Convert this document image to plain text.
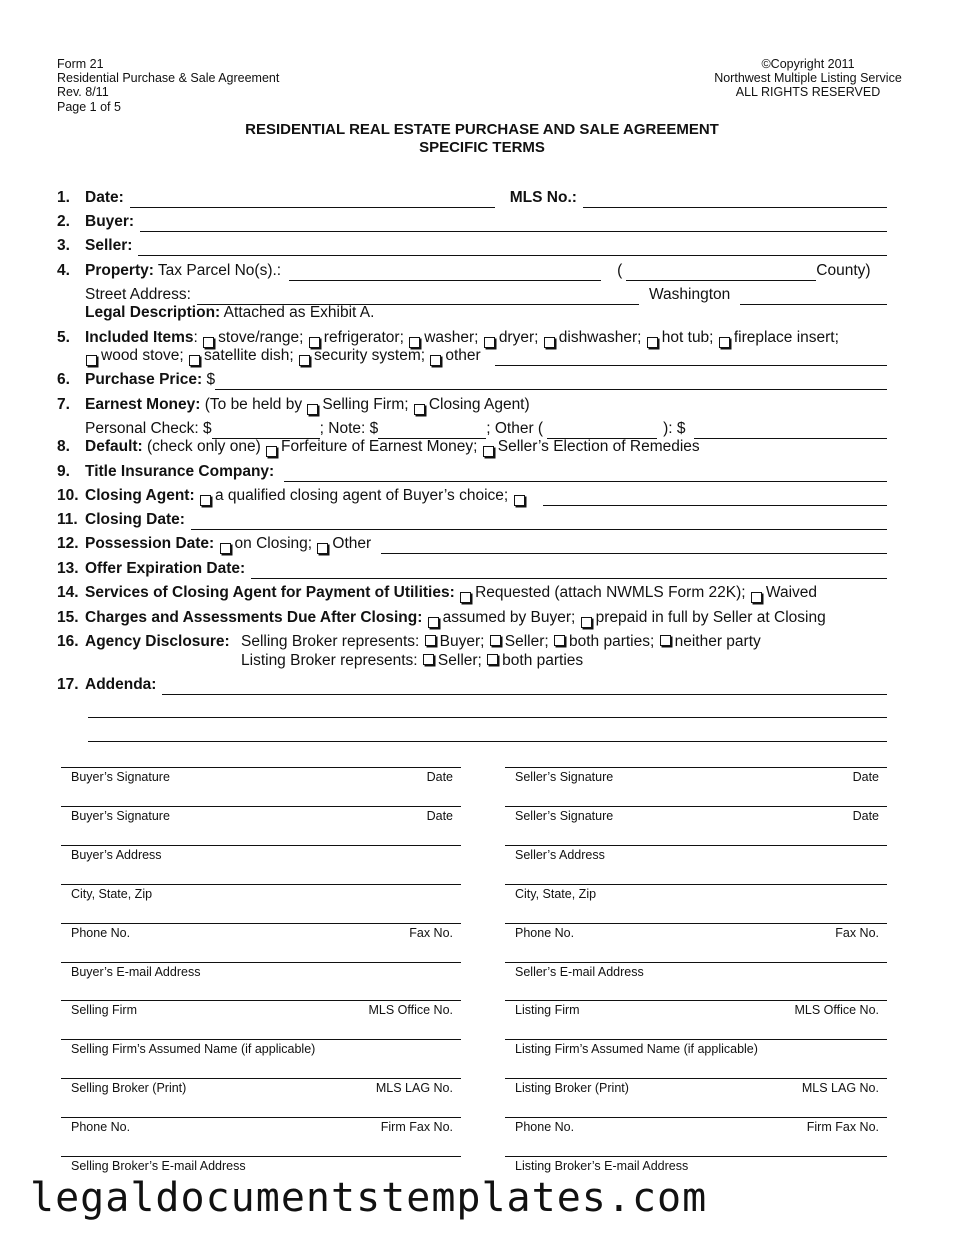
Form 21
Residential Purchase & Sale Agreement
Rev. 8/11
Page 1 of 5
©Copyright 2011
Northwest Multiple Listing Service
ALL RIGHTS RESERVED
RESIDENTIAL REAL ESTATE PURCHASE AND SALE AGREEMENT
SPECIFIC TERMS
1. Date:	MLS No.:
2. Buyer:
3. Seller:
4. Property: Tax Parcel No(s).:	(	County)
Street Address:	Washington
Legal Description: Attached as Exhibit A.
5. Included Items : stove/range;
refrigerator;
washer;
dryer;
dishwasher;
hot tub;
fireplace insert;

wood stove;
satellite dish;
security system;
other

6. Purchase Price: $
7. Earnest Money: (To be held by Selling Firm; Closing Agent)
Personal Check: $	; Note: $	; Other (	): $
8. Default: (check only one) Forfeiture of Earnest Money; Seller’s Election of Remedies
9. Title Insurance Company:
10. Closing Agent:
a qualified closing agent of Buyer’s choice;
11. Closing Date:
12. Possession Date:
on Closing; Other
13. Offer Expiration Date:
14. Services of Closing Agent for Payment of Utilities:
Requested (attach NWMLS Form 22K); Waived
15. Charges and Assessments Due After Closing:
assumed by Buyer; prepaid in full by Seller at Closing
16. Agency Disclosure: Selling Broker represents:	Buyer; Seller; both parties; neither party
Listing Broker represents:	Seller; both parties
17. Addenda:
Buyer’s Signature	Date
Buyer’s Signature	Date
Buyer’s Address
City, State, Zip
Phone No.	Fax No.
Buyer’s E-mail Address
Selling Firm	MLS Office No.
Selling Firm’s Assumed Name (if applicable)
Selling Broker (Print)	MLS LAG No.
Phone No.	Firm Fax No.
Selling Broker’s E-mail Address
Seller’s Signature	Date
Seller’s Signature	Date
Seller’s Address
City, State, Zip
Phone No.	Fax No.
Seller’s E-mail Address
Listing Firm	MLS Office No.
Listing Firm’s Assumed Name (if applicable)
Listing Broker (Print)	MLS LAG No.
Phone No.	Firm Fax No.
Listing Broker’s E-mail Address
legaldocumentstemplates.com
